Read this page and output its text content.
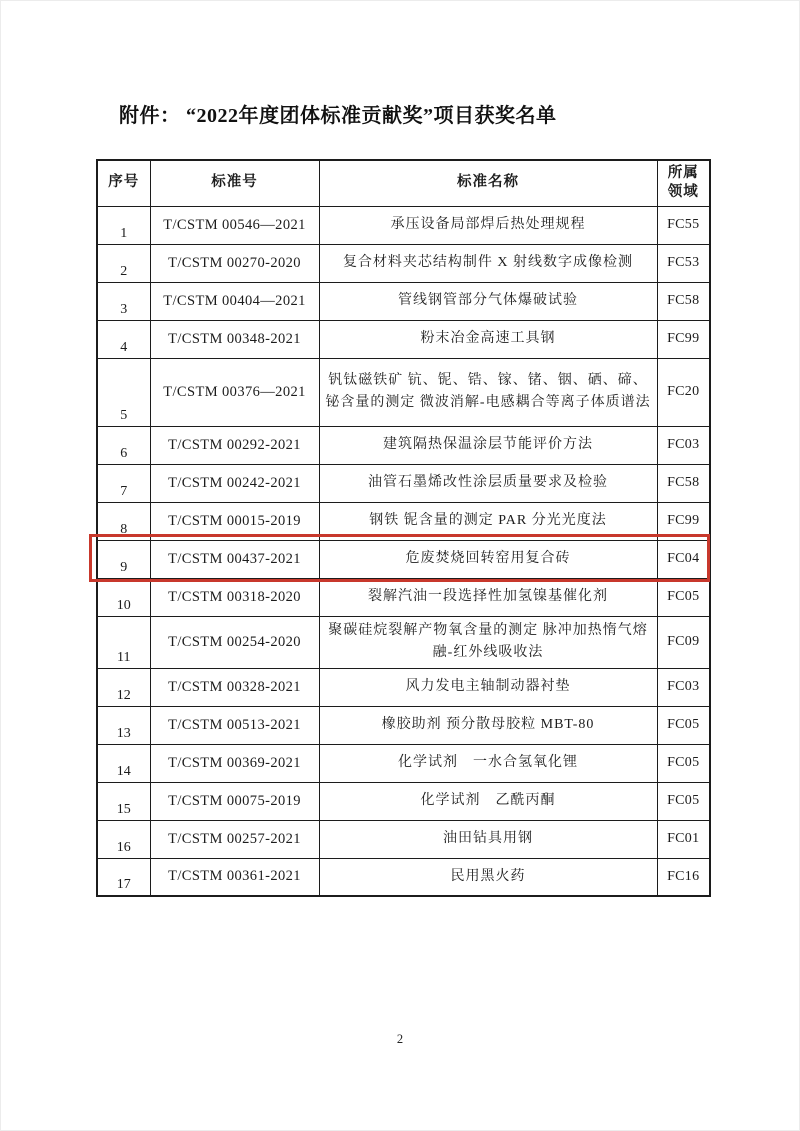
附件： “2022年度团体标准贡献奖”项目获奖名单
序号	标准号	标准名称	所属领域
1	T/CSTM 00546—2021	承压设备局部焊后热处理规程	FC55
2	T/CSTM 00270-2020	复合材料夹芯结构制件 X 射线数字成像检测	FC53
3	T/CSTM 00404—2021	管线钢管部分气体爆破试验	FC58
4	T/CSTM 00348-2021	粉末冶金高速工具钢	FC99
5	T/CSTM 00376—2021	钒钛磁铁矿 钪、铌、锆、镓、锗、铟、硒、碲、铋含量的测定 微波消解-电感耦合等离子体质谱法	FC20
6	T/CSTM 00292-2021	建筑隔热保温涂层节能评价方法	FC03
7	T/CSTM 00242-2021	油管石墨烯改性涂层质量要求及检验	FC58
8	T/CSTM 00015-2019	钢铁 铌含量的测定 PAR 分光光度法	FC99
9	T/CSTM 00437-2021	危废焚烧回转窑用复合砖	FC04
10	T/CSTM 00318-2020	裂解汽油一段选择性加氢镍基催化剂	FC05
11	T/CSTM 00254-2020	聚碳硅烷裂解产物氧含量的测定 脉冲加热惰气熔融-红外线吸收法	FC09
12	T/CSTM 00328-2021	风力发电主轴制动器衬垫	FC03
13	T/CSTM 00513-2021	橡胶助剂 预分散母胶粒 MBT-80	FC05
14	T/CSTM 00369-2021	化学试剂　一水合氢氧化锂	FC05
15	T/CSTM 00075-2019	化学试剂　乙酰丙酮	FC05
16	T/CSTM 00257-2021	油田钻具用钢	FC01
17	T/CSTM 00361-2021	民用黑火药	FC16
2
